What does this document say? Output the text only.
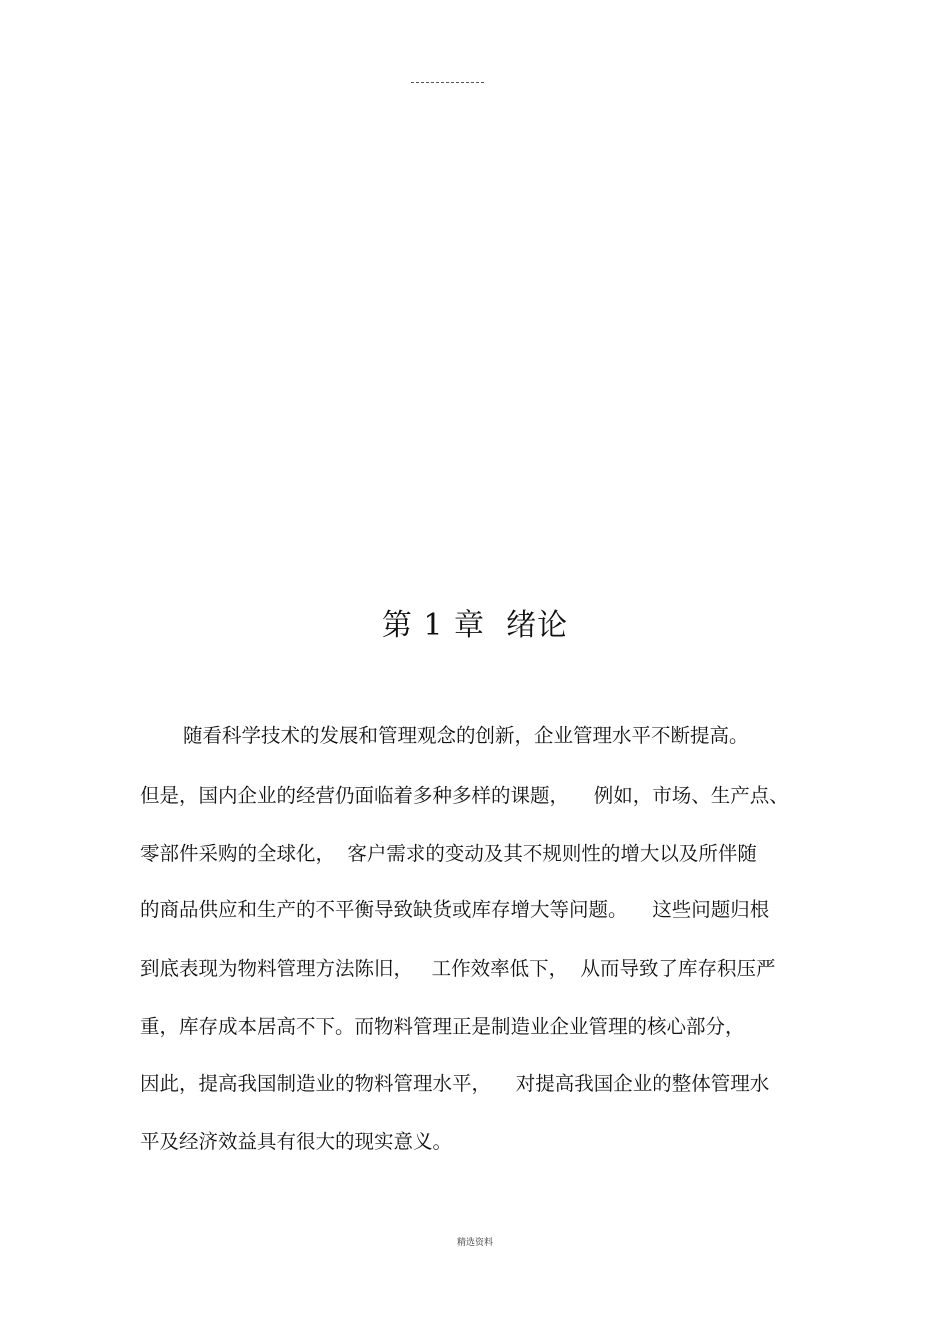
第 1 章  绪论
随看科学技术的发展和管理观念的创新，企业管理水平不断提高。
但是，国内企业的经营仍面临着多种多样的课题，    例如，市场、生产点、
零部件采购的全球化，  客户需求的变动及其不规则性的增大以及所伴随
的商品供应和生产的不平衡导致缺货或库存增大等问题。    这些问题归根
到底表现为物料管理方法陈旧，   工作效率低下，  从而导致了库存积压严
重，库存成本居高不下。而物料管理正是制造业企业管理的核心部分，
因此，提高我国制造业的物料管理水平，    对提高我国企业的整体管理水
平及经济效益具有很大的现实意义。
精选资料
